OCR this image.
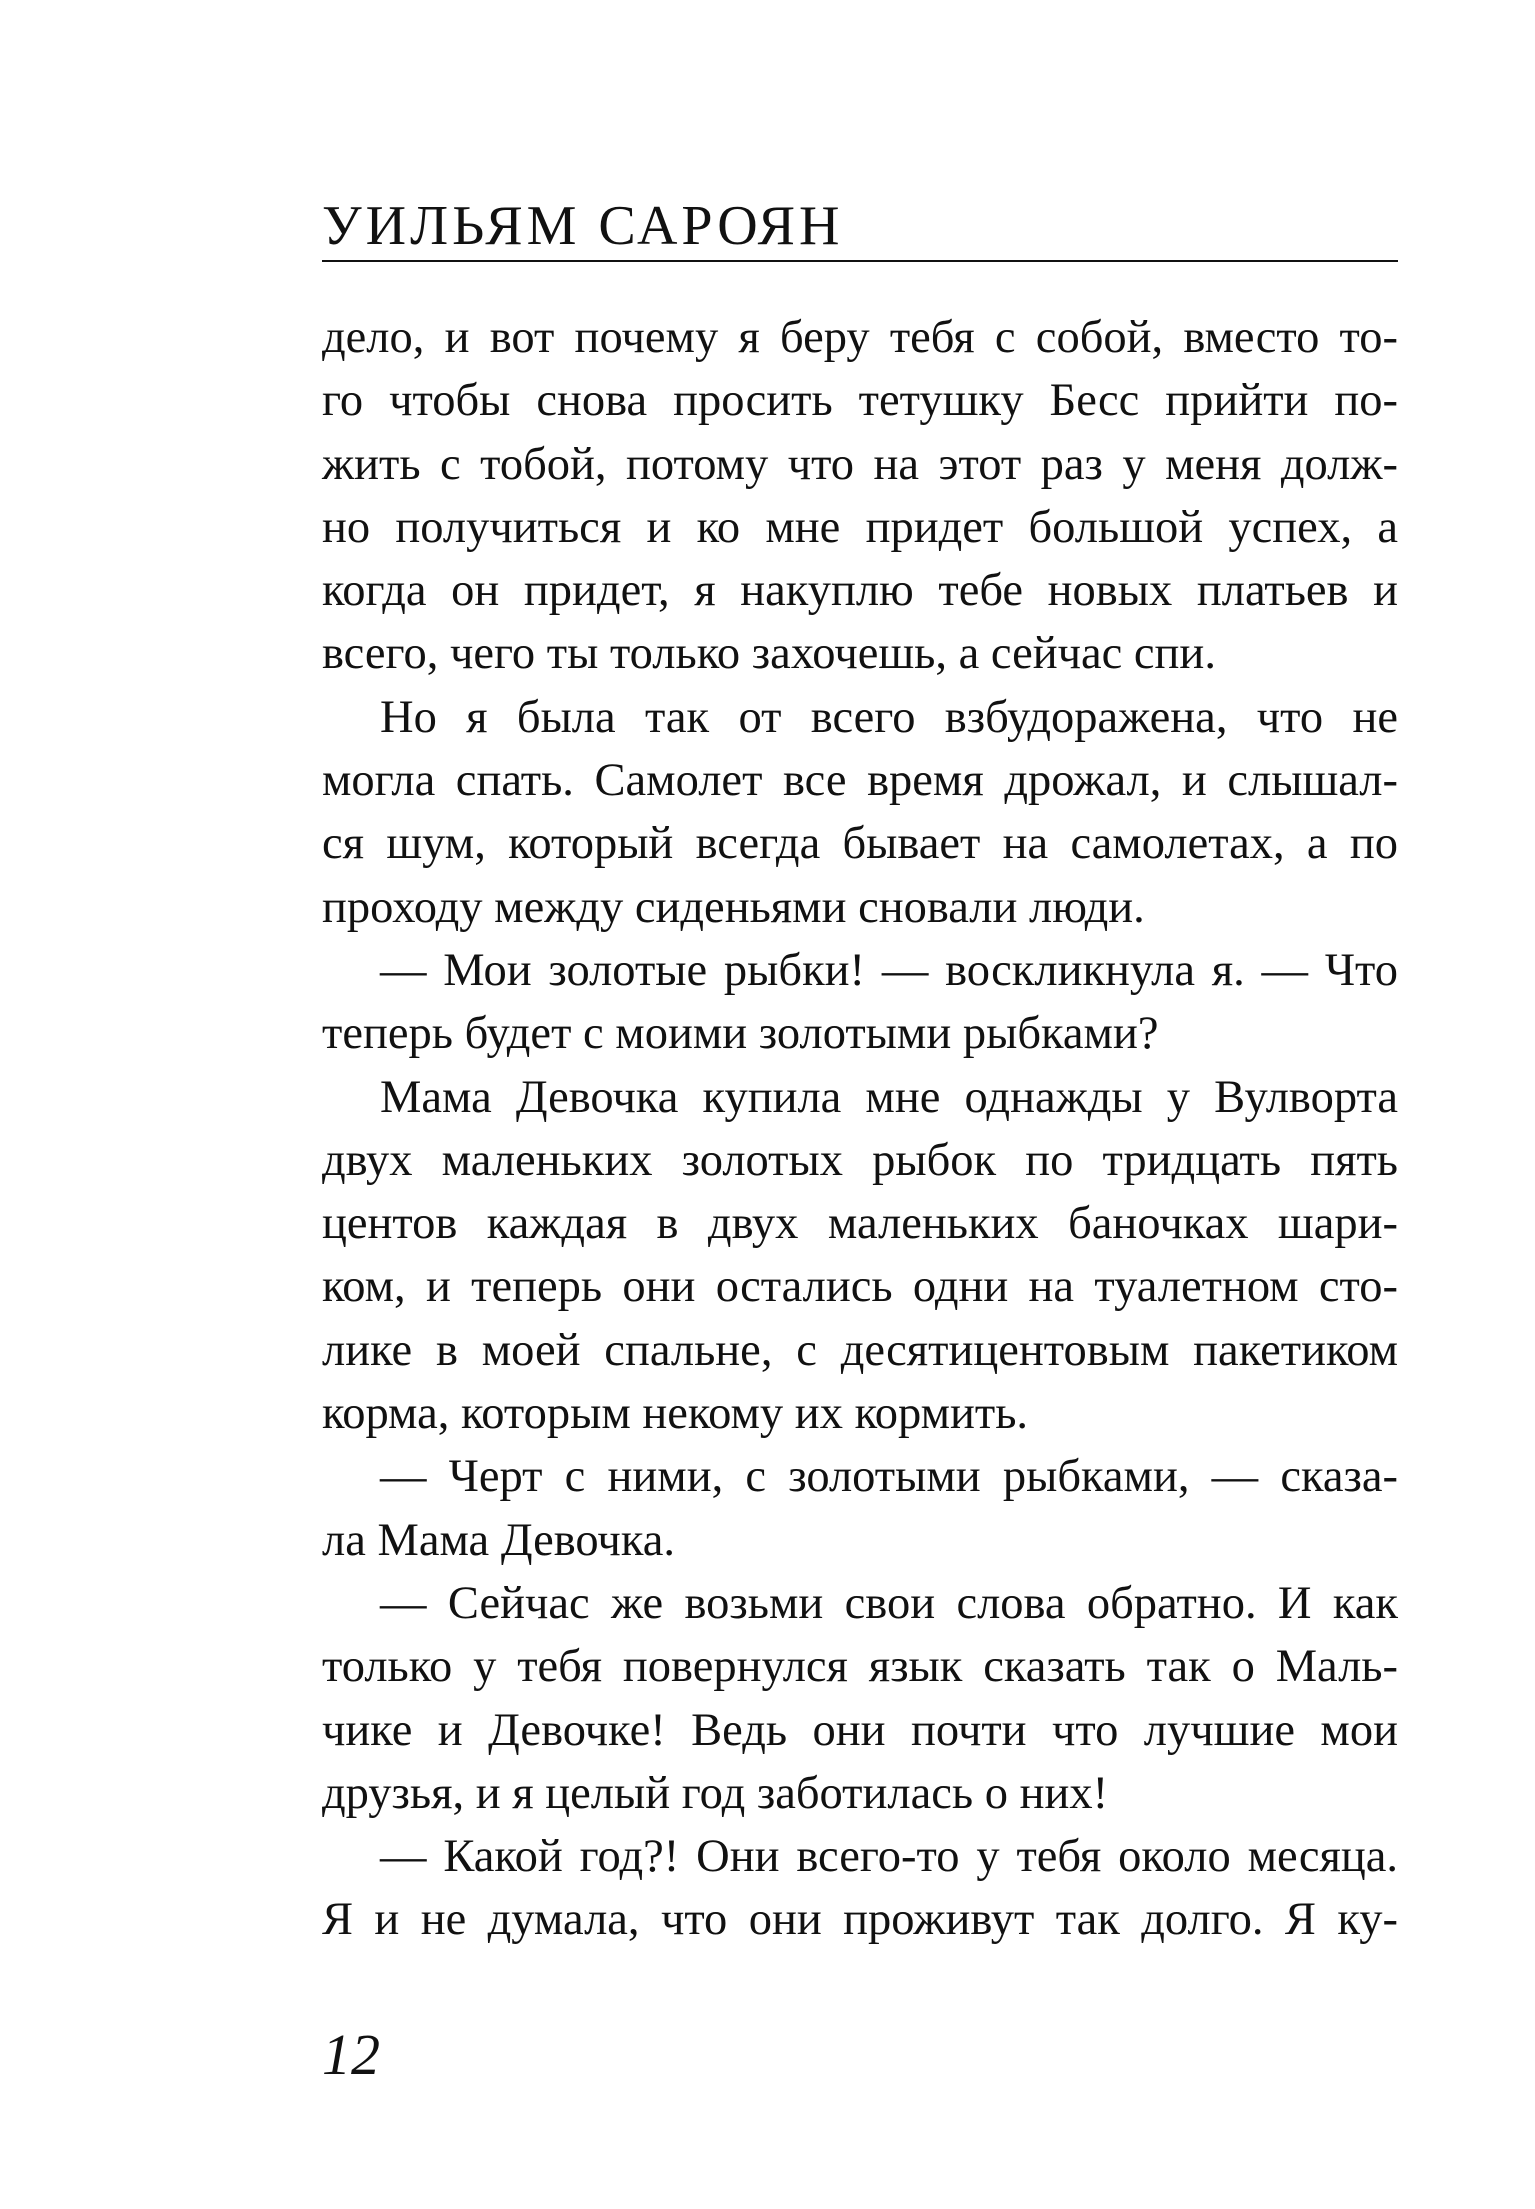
УИЛЬЯМ САРОЯН
дело, и вот почему я беру тебя с собой, вместо то-
го чтобы снова просить тетушку Бесс прийти по-
жить с тобой, потому что на этот раз у меня долж-
но получиться и ко мне придет большой успех, а
когда он придет, я накуплю тебе новых платьев и
всего, чего ты только захочешь, а сейчас спи.
Но я была так от всего взбудоражена, что не
могла спать. Самолет все время дрожал, и слышал-
ся шум, который всегда бывает на самолетах, а по
проходу между сиденьями сновали люди.
— Мои золотые рыбки! — воскликнула я. — Что
теперь будет с моими золотыми рыбками?
Мама Девочка купила мне однажды у Вулворта
двух маленьких золотых рыбок по тридцать пять
центов каждая в двух маленьких баночках шари-
ком, и теперь они остались одни на туалетном сто-
лике в моей спальне, с десятицентовым пакетиком
корма, которым некому их кормить.
— Черт с ними, с золотыми рыбками, — сказа-
ла Мама Девочка.
— Сейчас же возьми свои слова обратно. И как
только у тебя повернулся язык сказать так о Маль-
чике и Девочке! Ведь они почти что лучшие мои
друзья, и я целый год заботилась о них!
— Какой год?! Они всего-то у тебя около месяца.
Я и не думала, что они проживут так долго. Я ку-
12
